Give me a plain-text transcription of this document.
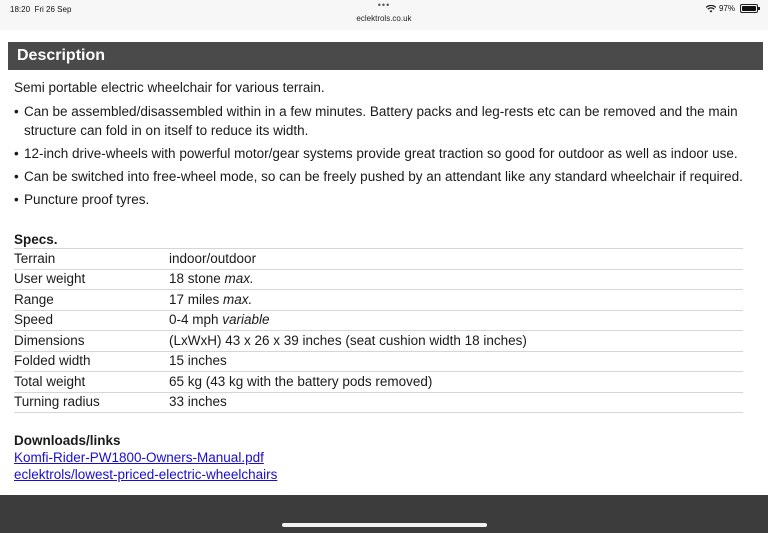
18:20 Fri 26 Sep	•••
eclektrols.co.uk
97%
Description

Semi portable electric wheelchair for various terrain.

• Can be assembled/disassembled within in a few minutes. Battery packs and leg-rests etc can be removed and the main structure can fold in on itself to reduce its width.
• 12-inch drive-wheels with powerful motor/gear systems provide great traction so good for outdoor as well as indoor use.
• Can be switched into free-wheel mode, so can be freely pushed by an attendant like any standard wheelchair if required.
• Puncture proof tyres.
Specs.
Terrain	indoor/outdoor
User weight	18 stone max.
Range	17 miles max.
Speed	0-4 mph variable
Dimensions	(LxWxH) 43 x 26 x 39 inches (seat cushion width 18 inches)
Folded width	15 inches
Total weight	65 kg (43 kg with the battery pods removed)
Turning radius	33 inches
Downloads/links
Komfi-Rider-PW1800-Owners-Manual.pdf
eclektrols/lowest-priced-electric-wheelchairs
